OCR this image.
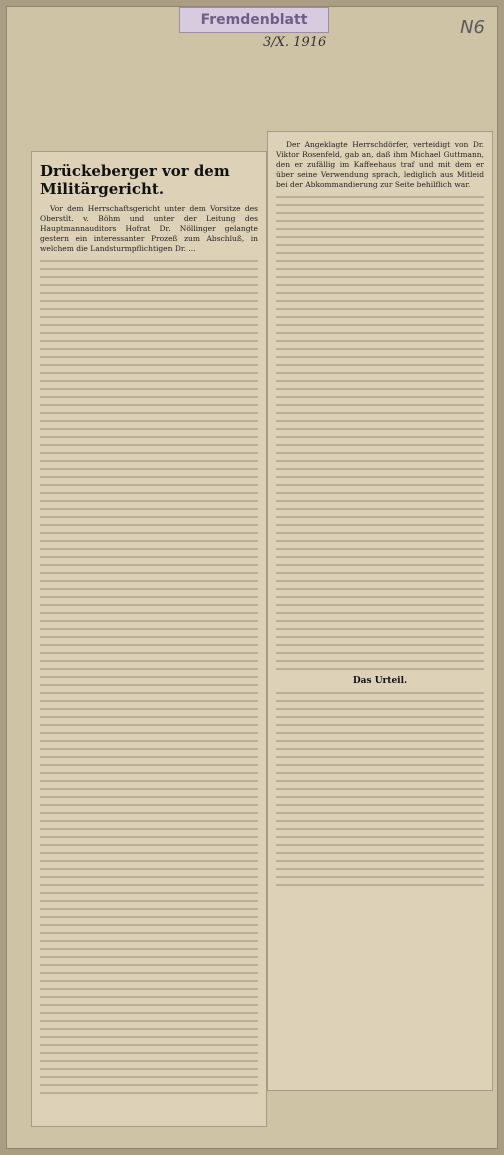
Fremdenblatt
3/X. 1916
N6
Drückeberger vor dem Militärgericht.

Vor dem Herrschaftsgericht unter dem Vorsitze des Oberstlt. v. Böhm und unter der Leitung des Hauptmannauditors Hofrat Dr. Nöllinger gelangte gestern ein interessanter Prozeß zum Abschluß, in welchem die Landsturmpflichtigen Dr. ...

Der Angeklagte Herrschdörfer, verteidigt von Dr. Viktor Rosenfeld, gab an, daß ihm Michael Guttmann, den er zufällig im Kaffeehaus traf und mit dem er über seine Verwendung sprach, lediglich aus Mitleid bei der Abkommandierung zur Seite behilflich war.

Das Urteil.
